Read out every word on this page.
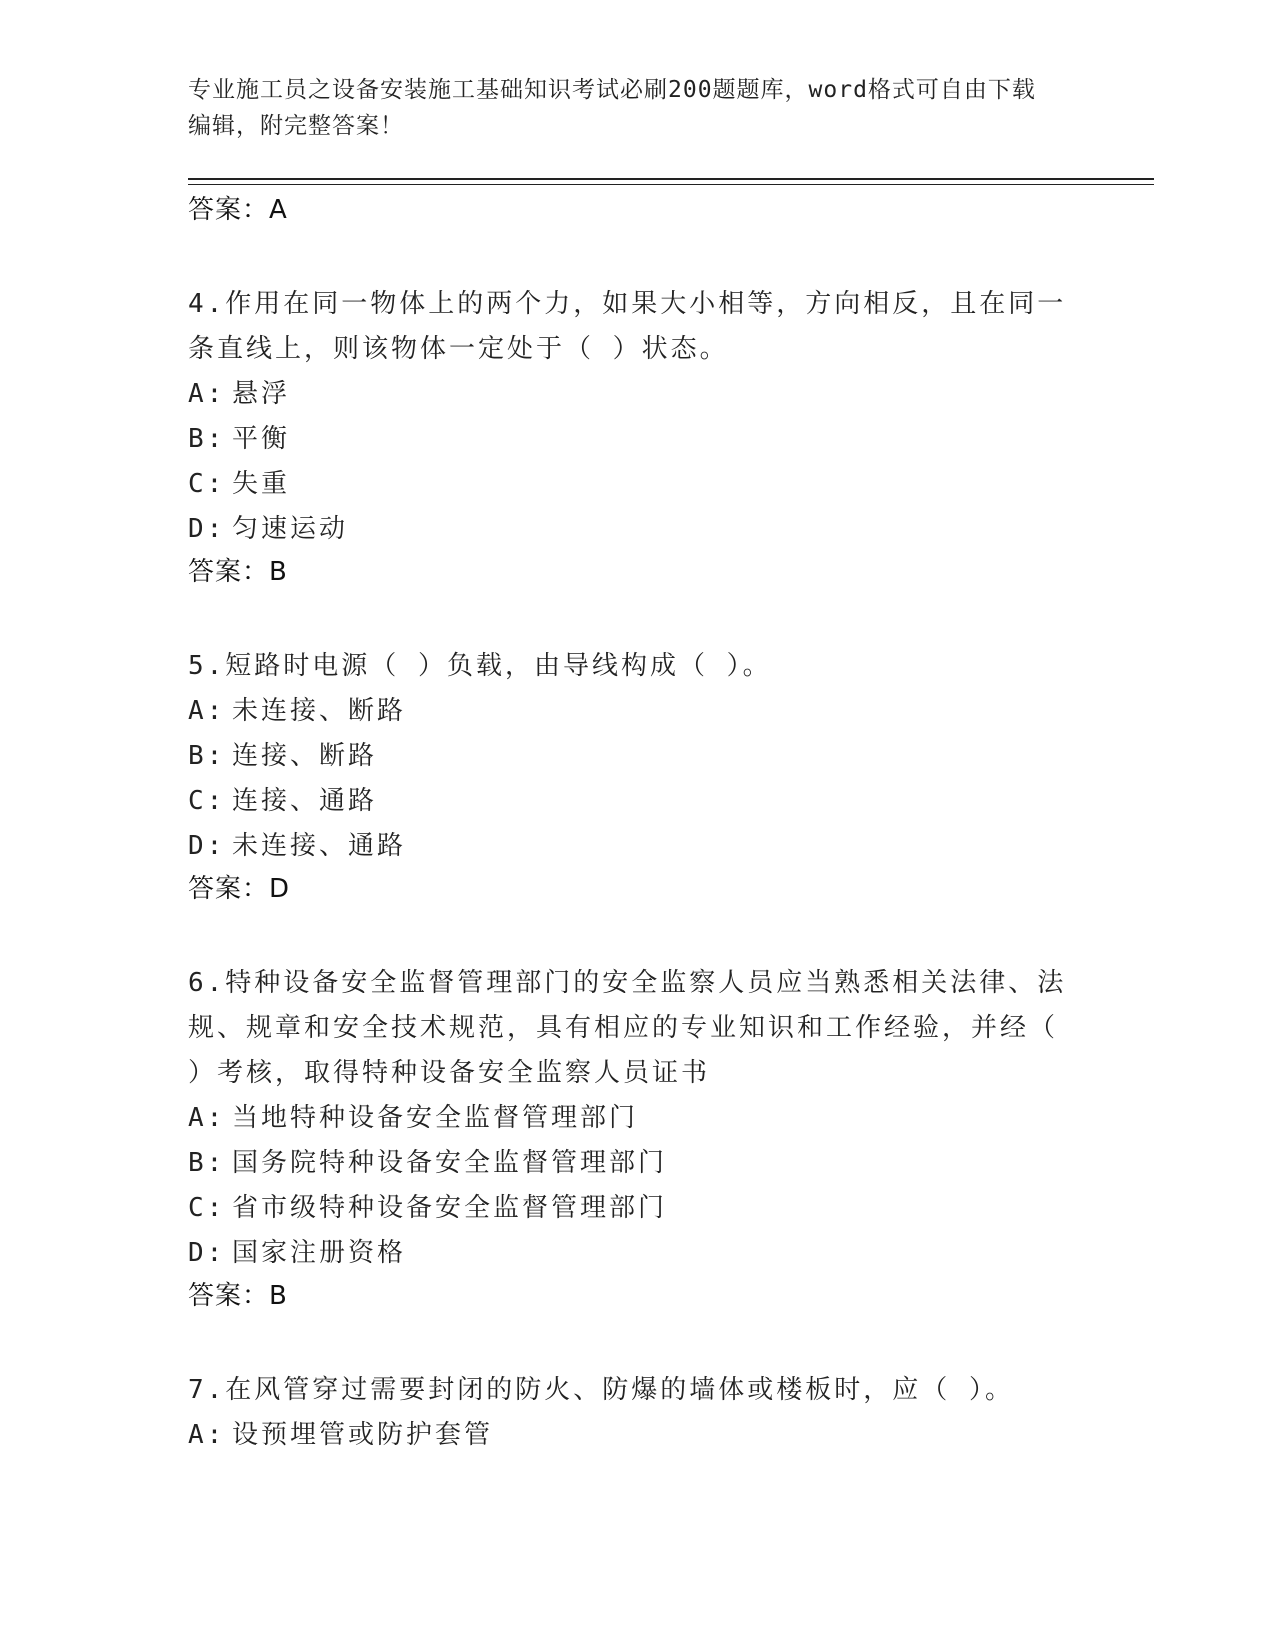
专业施工员之设备安装施工基础知识考试必刷200题题库，word格式可自由下载
编辑，附完整答案！
答案：A
4.作用在同一物体上的两个力，如果大小相等，方向相反，且在同一
条直线上，则该物体一定处于（ ）状态。
A: 悬浮
B: 平衡
C: 失重
D: 匀速运动
答案：B
5.短路时电源（ ）负载，由导线构成（ ）。
A: 未连接、断路
B: 连接、断路
C: 连接、通路
D: 未连接、通路
答案：D
6.特种设备安全监督管理部门的安全监察人员应当熟悉相关法律、法
规、规章和安全技术规范，具有相应的专业知识和工作经验，并经（
）考核，取得特种设备安全监察人员证书
A: 当地特种设备安全监督管理部门
B: 国务院特种设备安全监督管理部门
C: 省市级特种设备安全监督管理部门
D: 国家注册资格
答案：B
7.在风管穿过需要封闭的防火、防爆的墙体或楼板时，应（ ）。
A: 设预埋管或防护套管
